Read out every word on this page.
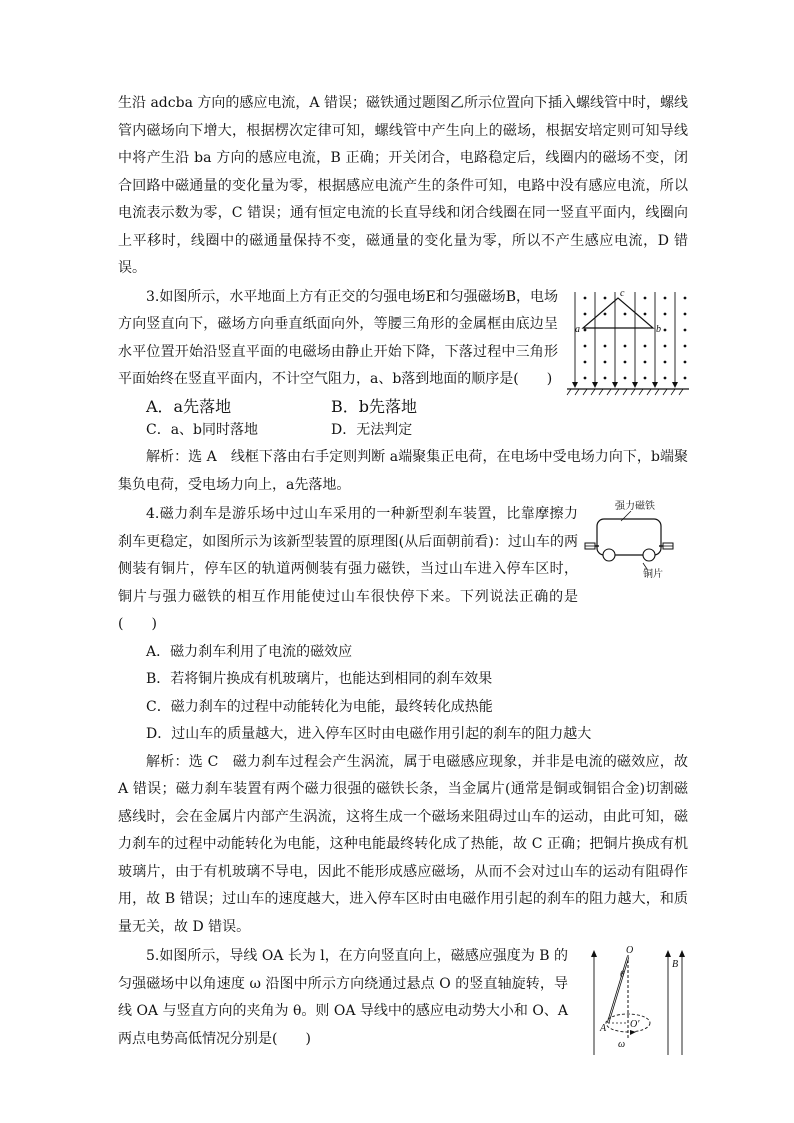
生沿 adcba 方向的感应电流，A 错误；磁铁通过题图乙所示位置向下插入螺线管中时，螺线管内磁场向下增大，根据楞次定律可知，螺线管中产生向上的磁场，根据安培定则可知导线中将产生沿 ba 方向的感应电流，B 正确；开关闭合，电路稳定后，线圈内的磁场不变，闭合回路中磁通量的变化量为零，根据感应电流产生的条件可知，电路中没有感应电流，所以电流表示数为零，C 错误；通有恒定电流的长直导线和闭合线圈在同一竖直平面内，线圈向上平移时，线圈中的磁通量保持不变，磁通量的变化量为零，所以不产生感应电流，D 错误。

3.如图所示，水平地面上方有正交的匀强电场E和匀强磁场B，电场方向竖直向下，磁场方向垂直纸面向外，等腰三角形的金属框由底边呈水平位置开始沿竖直平面的电磁场由静止开始下降，下落过程中三角形平面始终在竖直平面内，不计空气阻力，a、b落到地面的顺序是(　　)

A．a先落地	B．b先落地
C．a、b同时落地	D．无法判定

解析：选 A　线框下落由右手定则判断 a端聚集正电荷，在电场中受电场力向下，b端聚集负电荷，受电场力向上，a先落地。

a	b
c

4.磁力刹车是游乐场中过山车采用的一种新型刹车装置，比靠摩擦力刹车更稳定，如图所示为该新型装置的原理图(从后面朝前看)：过山车的两侧装有铜片，停车区的轨道两侧装有强力磁铁，当过山车进入停车区时，铜片与强力磁铁的相互作用能使过山车很快停下来。下列说法正确的是(　　)

A．磁力刹车利用了电流的磁效应

B．若将铜片换成有机玻璃片，也能达到相同的刹车效果

C．磁力刹车的过程中动能转化为电能，最终转化成热能

D．过山车的质量越大，进入停车区时由电磁作用引起的刹车的阻力越大

解析：选 C　磁力刹车过程会产生涡流，属于电磁感应现象，并非是电流的磁效应，故 A 错误；磁力刹车装置有两个磁力很强的磁铁长条，当金属片(通常是铜或铜铝合金)切割磁感线时，会在金属片内部产生涡流，这将生成一个磁场来阻碍过山车的运动，由此可知，磁力刹车的过程中动能转化为电能，这种电能最终转化成了热能，故 C 正确；把铜片换成有机玻璃片，由于有机玻璃不导电，因此不能形成感应磁场，从而不会对过山车的运动有阻碍作用，故 B 错误；过山车的速度越大，进入停车区时由电磁作用引起的刹车的阻力越大，和质量无关，故 D 错误。

强力磁铁
铜片

5.如图所示，导线 OA 长为 l，在方向竖直向上，磁感应强度为 B 的匀强磁场中以角速度 ω 沿图中所示方向绕通过悬点 O 的竖直轴旋转，导线 OA 与竖直方向的夹角为 θ。则 OA 导线中的感应电动势大小和 O、A 两点电势高低情况分别是(　　)

B
O
A
θ
O′
ω
